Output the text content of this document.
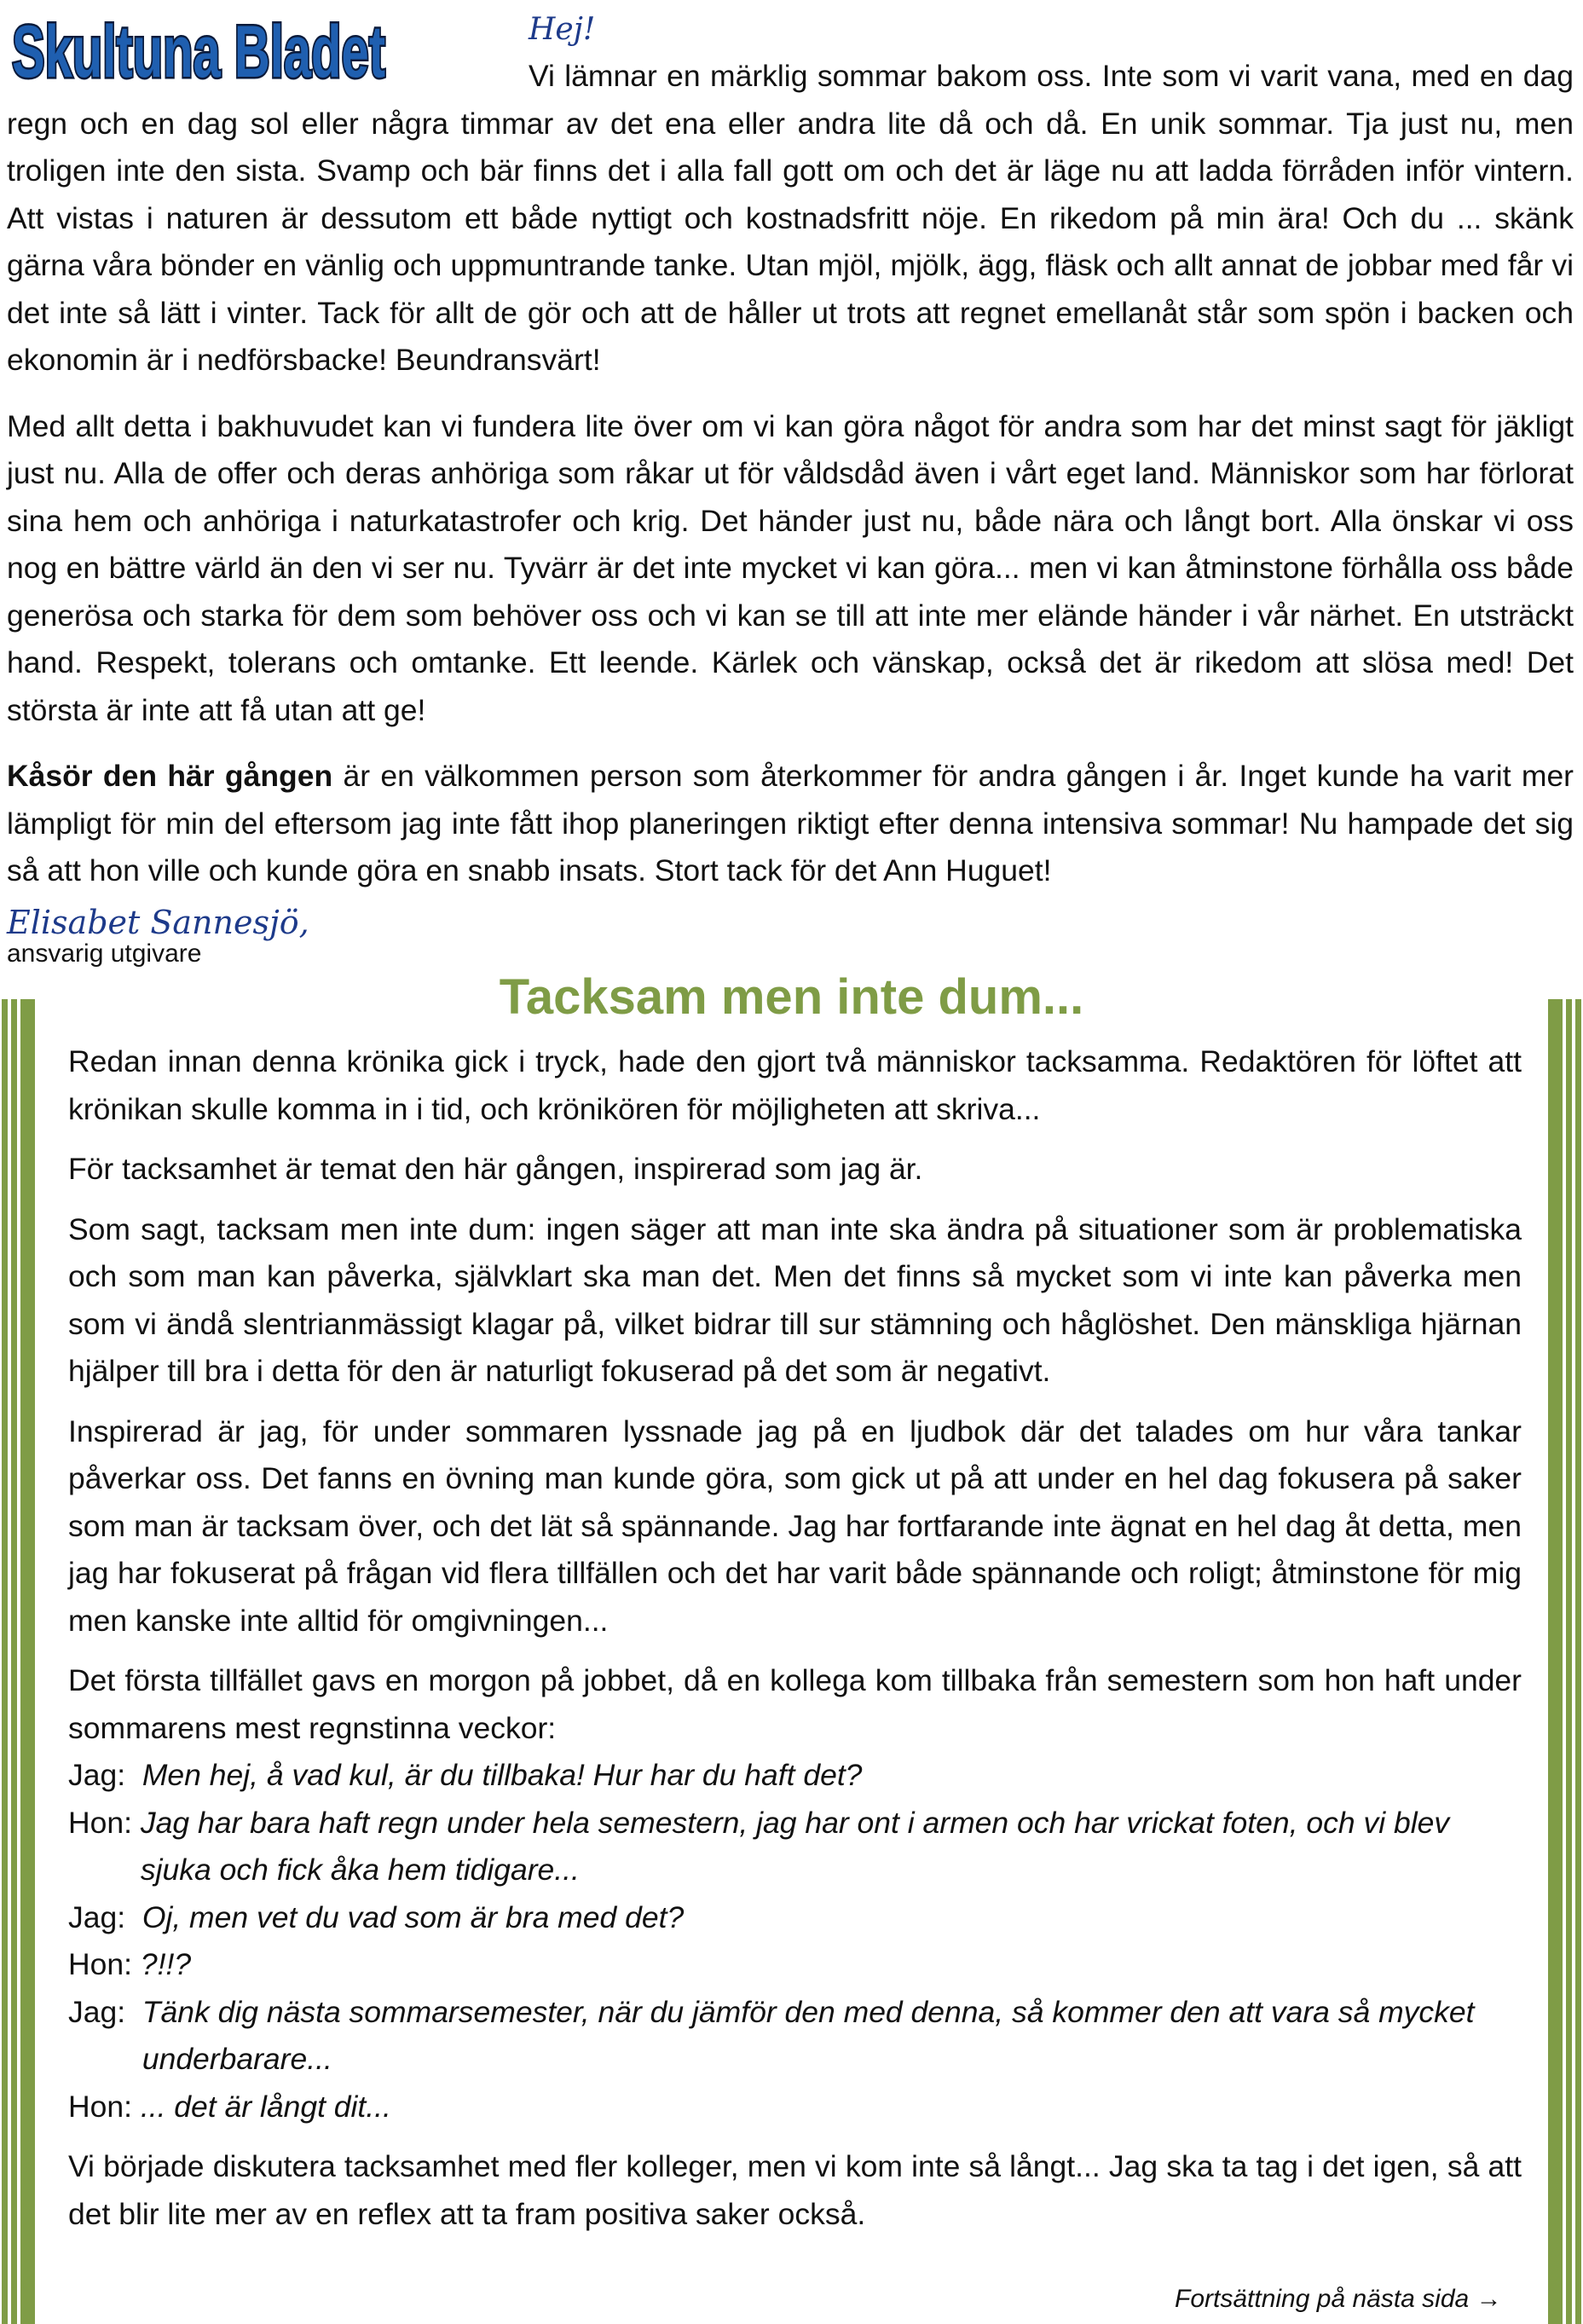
Skultuna Bladet	Hej!

Vi lämnar en märklig sommar bakom oss. Inte som vi varit vana, med en dag regn och en dag sol eller några timmar av det ena eller andra lite då och då. En unik sommar. Tja just nu, men troligen inte den sista. Svamp och bär finns det i alla fall gott om och det är läge nu att ladda förråden inför vintern. Att vistas i naturen är dessutom ett både nyttigt och kostnadsfritt nöje. En rikedom på min ära! Och du ... skänk gärna våra bönder en vänlig och uppmuntrande tanke. Utan mjöl, mjölk, ägg, fläsk och allt annat de jobbar med får vi det inte så lätt i vinter. Tack för allt de gör och att de håller ut trots att regnet emellanåt står som spön i backen och ekonomin är i nedförsbacke! Beundransvärt!

Med allt detta i bakhuvudet kan vi fundera lite över om vi kan göra något för andra som har det minst sagt för jäkligt just nu. Alla de offer och deras anhöriga som råkar ut för våldsdåd även i vårt eget land. Människor som har förlorat sina hem och anhöriga i naturkatastrofer och krig. Det händer just nu, både nära och långt bort. Alla önskar vi oss nog en bättre värld än den vi ser nu. Tyvärr är det inte mycket vi kan göra... men vi kan åtminstone förhålla oss både generösa och starka för dem som behöver oss och vi kan se till att inte mer elände händer i vår närhet. En utsträckt hand. Respekt, tolerans och omtanke. Ett leende. Kärlek och vänskap, också det är rikedom att slösa med! Det största är inte att få utan att ge!

Kåsör den här gången är en välkommen person som återkommer för andra gången i år. Inget kunde ha varit mer lämpligt för min del eftersom jag inte fått ihop planeringen riktigt efter denna intensiva sommar! Nu hampade det sig så att hon ville och kunde göra en snabb insats. Stort tack för det Ann Huguet!

Elisabet Sannesjö,
ansvarig utgivare
Tacksam men inte dum...

Redan innan denna krönika gick i tryck, hade den gjort två människor tacksamma. Redaktören för löftet att krönikan skulle komma in i tid, och krönikören för möjligheten att skriva...

För tacksamhet är temat den här gången, inspirerad som jag är.

Som sagt, tacksam men inte dum: ingen säger att man inte ska ändra på situationer som är problematiska och som man kan påverka, självklart ska man det. Men det finns så mycket som vi inte kan påverka men som vi ändå slentrianmässigt klagar på, vilket bidrar till sur stämning och håglöshet. Den mänskliga hjärnan hjälper till bra i detta för den är naturligt fokuserad på det som är negativt.

Inspirerad är jag, för under sommaren lyssnade jag på en ljudbok där det talades om hur våra tankar påverkar oss. Det fanns en övning man kunde göra, som gick ut på att under en hel dag fokusera på saker som man är tacksam över, och det lät så spännande. Jag har fortfarande inte ägnat en hel dag åt detta, men jag har fokuserat på frågan vid flera tillfällen och det har varit både spännande och roligt; åtminstone för mig men kanske inte alltid för omgivningen...

Det första tillfället gavs en morgon på jobbet, då en kollega kom tillbaka från semestern som hon haft under sommarens mest regnstinna veckor:

Jag: Men hej, å vad kul, är du tillbaka! Hur har du haft det?
Hon: Jag har bara haft regn under hela semestern, jag har ont i armen och har vrickat foten, och vi blev sjuka och fick åka hem tidigare...
Jag: Oj, men vet du vad som är bra med det?
Hon: ?!!?
Jag: Tänk dig nästa sommarsemester, när du jämför den med denna, så kommer den att vara så mycket underbarare...
Hon: ... det är långt dit...

Vi började diskutera tacksamhet med fler kolleger, men vi kom inte så långt... Jag ska ta tag i det igen, så att det blir lite mer av en reflex att ta fram positiva saker också.

Fortsättning på nästa sida →
